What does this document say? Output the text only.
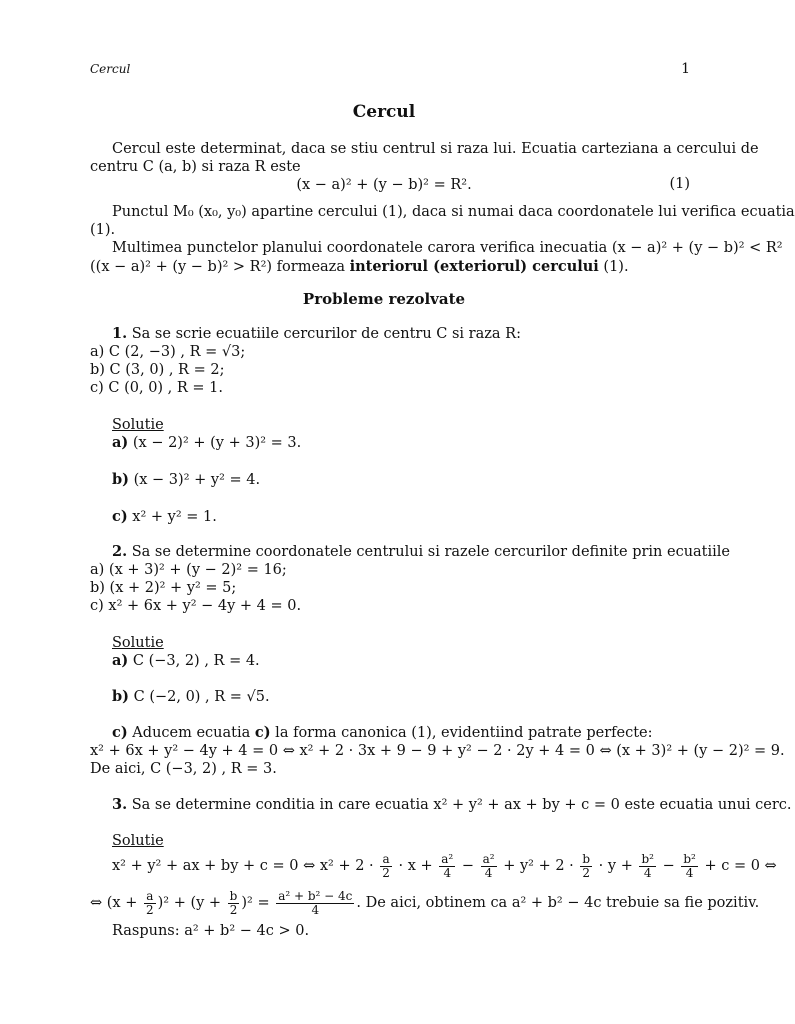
Cercul	1
Cercul
Cercul este determinat, daca se stiu centrul si raza lui. Ecuatia carteziana a cercului de
centru C (a, b) si raza R este
(x − a)² + (y − b)² = R².	(1)
Punctul M₀ (x₀, y₀) apartine cercului (1), daca si numai daca coordonatele lui verifica ecuatia
(1).
Multimea punctelor planului coordonatele carora verifica inecuatia (x − a)² + (y − b)² < R²
((x − a)² + (y − b)² > R²) formeaza interiorul (exteriorul) cercului (1).
Probleme rezolvate
1. Sa se scrie ecuatiile cercurilor de centru C si raza R:
a) C (2, −3) , R = √3;
b) C (3, 0) , R = 2;
c) C (0, 0) , R = 1.
Solutie
a) (x − 2)² + (y + 3)² = 3.
b) (x − 3)² + y² = 4.
c) x² + y² = 1.
2. Sa se determine coordonatele centrului si razele cercurilor definite prin ecuatiile
a) (x + 3)² + (y − 2)² = 16;
b) (x + 2)² + y² = 5;
c) x² + 6x + y² − 4y + 4 = 0.
Solutie
a) C (−3, 2) , R = 4.
b) C (−2, 0) , R = √5.
c) Aducem ecuatia c) la forma canonica (1), evidentiind patrate perfecte:
x² + 6x + y² − 4y + 4 = 0 ⇔ x² + 2 · 3x + 9 − 9 + y² − 2 · 2y + 4 = 0 ⇔ (x + 3)² + (y − 2)² = 9.
De aici, C (−3, 2) , R = 3.
3. Sa se determine conditia in care ecuatia x² + y² + ax + by + c = 0 este ecuatia unui cerc.
Solutie
x² + y² + ax + by + c = 0 ⇔ $x^2 + 2 \cdot \frac{a}{2} \cdot x + \frac{\text{a²}}{4} - \frac{\text{a²}}{4} + y^2 + 2 \cdot \frac{b}{2} \cdot y + \frac{\text{b²}}{4} - \frac{\text{b²}}{4} + c = 0$ ⇔
⇔ $(x + \frac{a}{2} )^2 + (y + \frac{b}{2} )^2 = \frac{\text{a² + b² − 4c}}{4}$ . De aici, obtinem ca a² + b² − 4c trebuie sa fie pozitiv.
Raspuns: a² + b² − 4c > 0.
